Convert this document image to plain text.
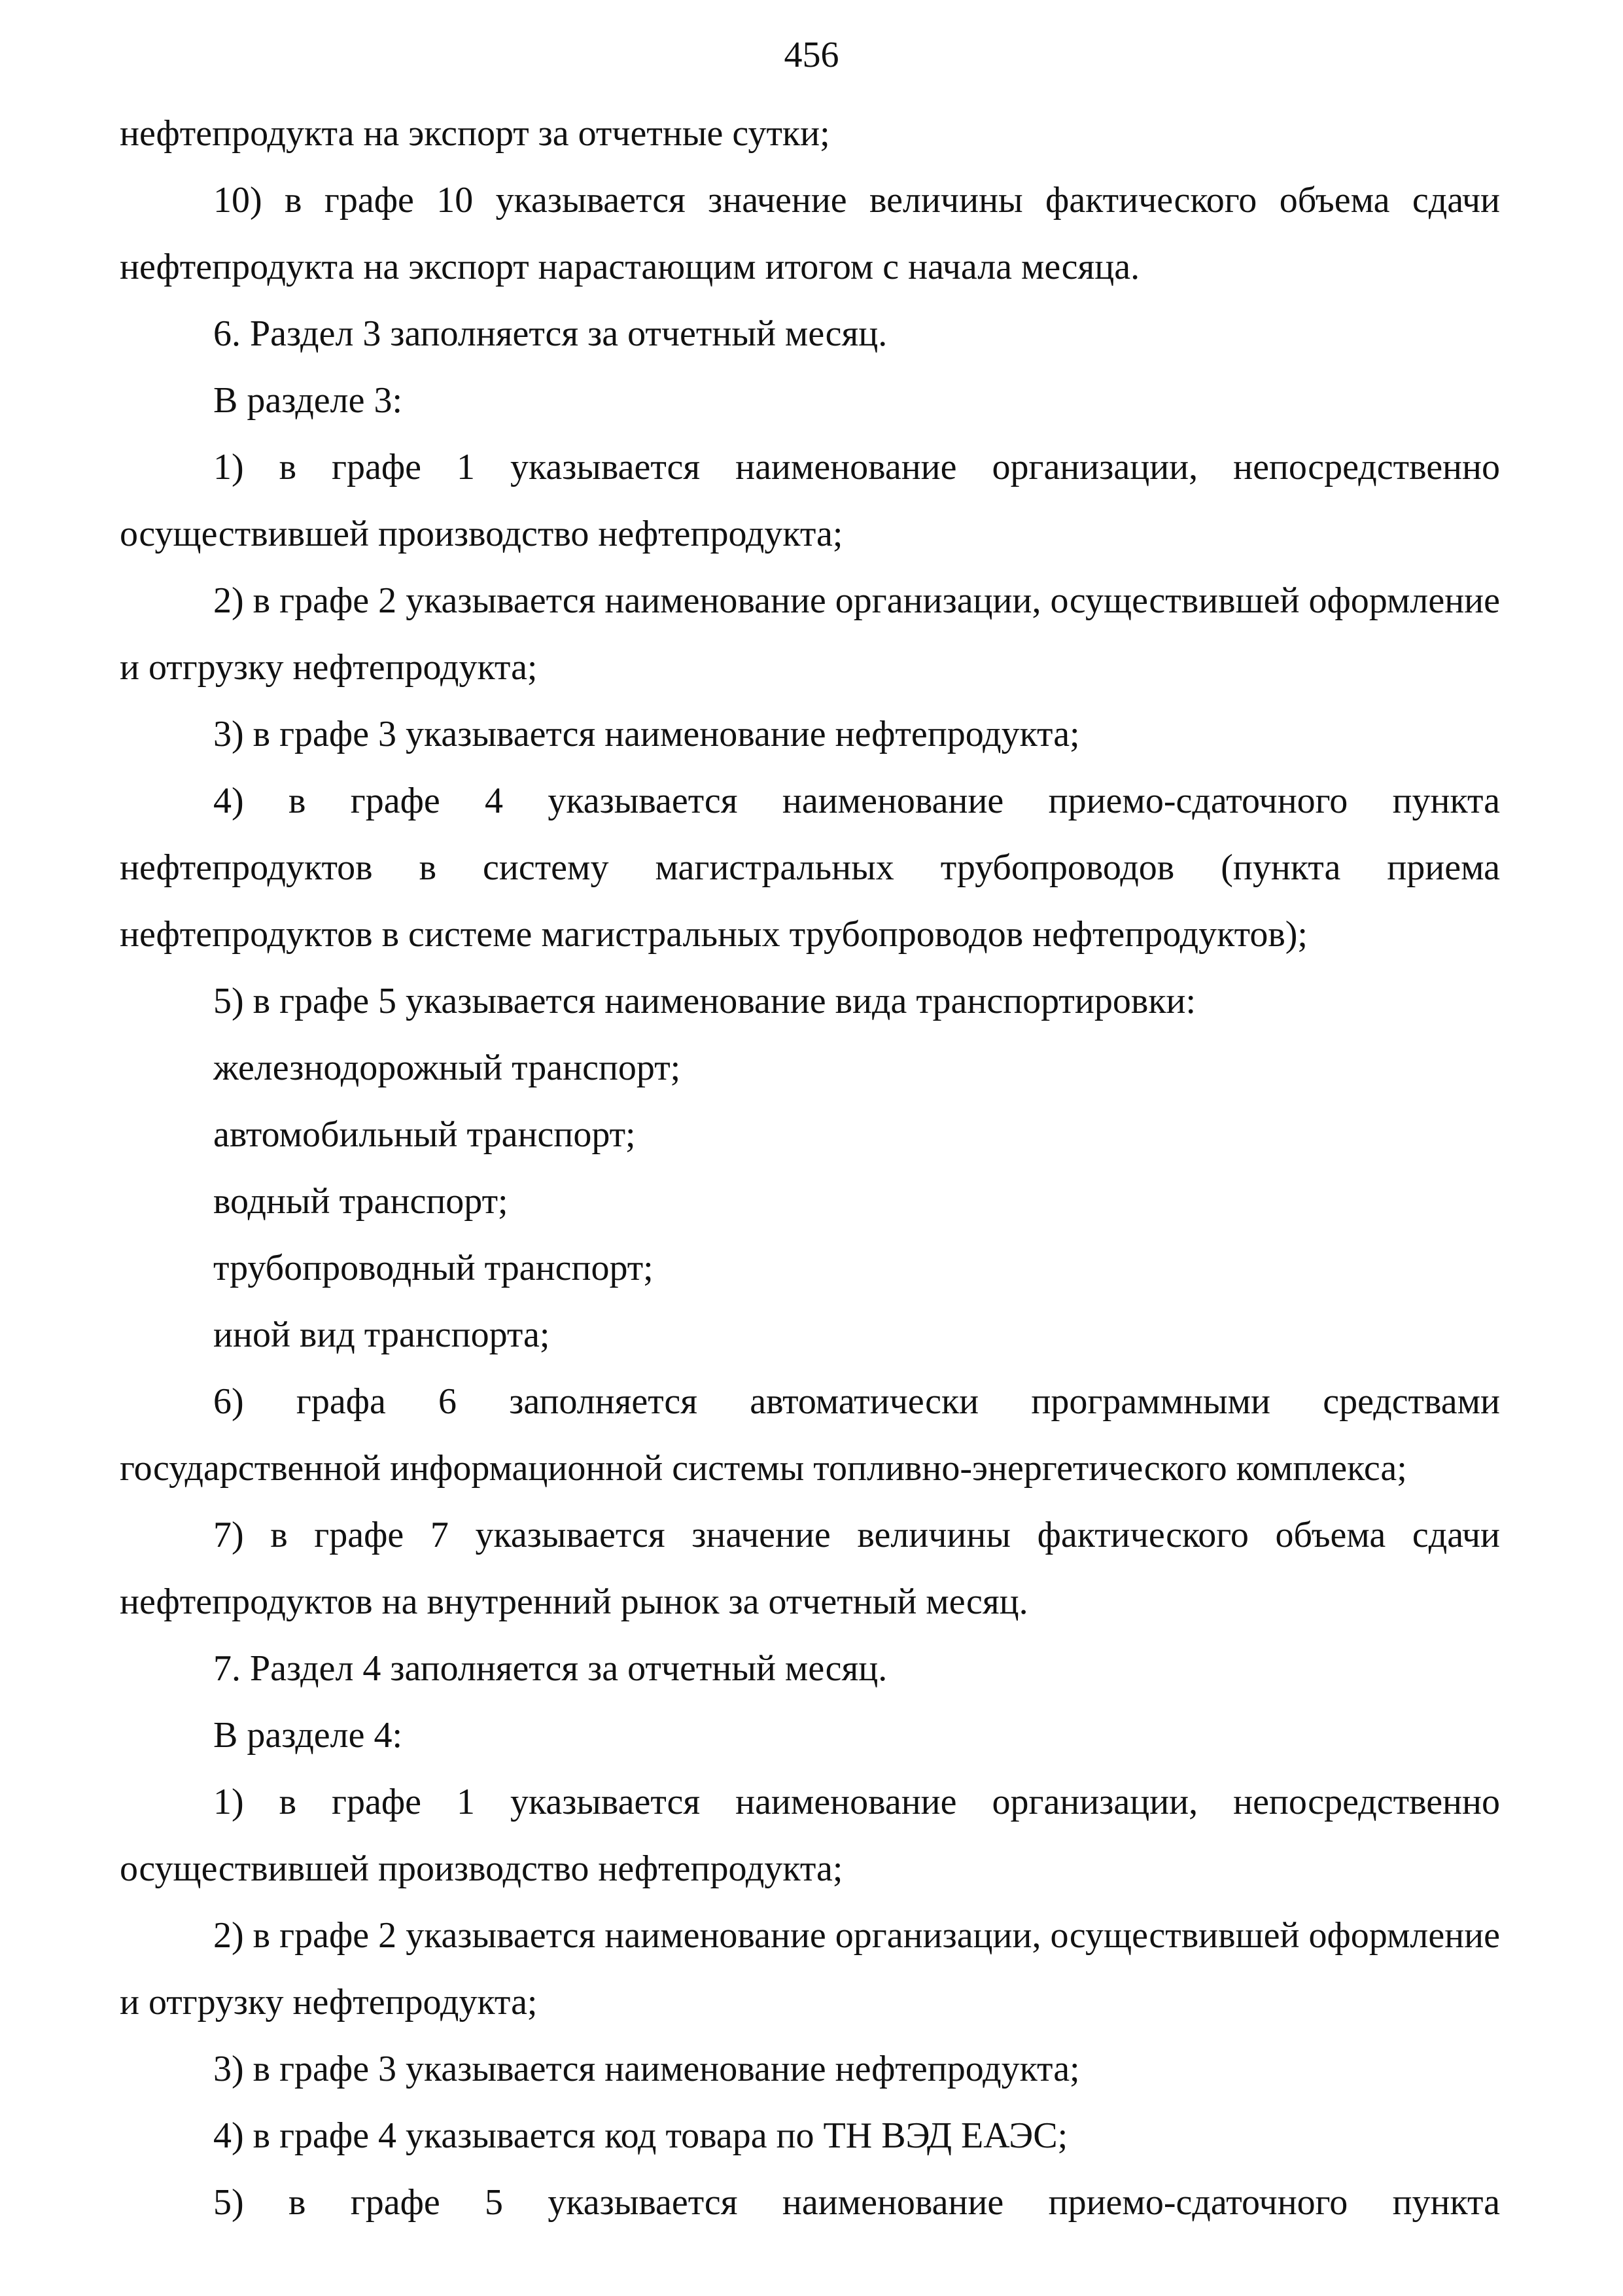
456

нефтепродукта на экспорт за отчетные сутки;

10) в графе 10 указывается значение величины фактического объема сдачи нефтепродукта на экспорт нарастающим итогом с начала месяца.

6. Раздел 3 заполняется за отчетный месяц.

В разделе 3:

1) в графе 1 указывается наименование организации, непосредственно осуществившей производство нефтепродукта;

2) в графе 2 указывается наименование организации, осуществившей оформление и отгрузку нефтепродукта;

3) в графе 3 указывается наименование нефтепродукта;

4) в графе 4 указывается наименование приемо-сдаточного пункта нефтепродуктов в систему магистральных трубопроводов (пункта приема нефтепродуктов в системе магистральных трубопроводов нефтепродуктов);

5) в графе 5 указывается наименование вида транспортировки:

железнодорожный транспорт;

автомобильный транспорт;

водный транспорт;

трубопроводный транспорт;

иной вид транспорта;

6) графа 6 заполняется автоматически программными средствами государственной информационной системы топливно-энергетического комплекса;

7) в графе 7 указывается значение величины фактического объема сдачи нефтепродуктов на внутренний рынок за отчетный месяц.

7. Раздел 4 заполняется за отчетный месяц.

В разделе 4:

1) в графе 1 указывается наименование организации, непосредственно осуществившей производство нефтепродукта;

2) в графе 2 указывается наименование организации, осуществившей оформление и отгрузку нефтепродукта;

3) в графе 3 указывается наименование нефтепродукта;

4) в графе 4 указывается код товара по ТН ВЭД ЕАЭС;

5) в графе 5 указывается наименование приемо-сдаточного пункта
